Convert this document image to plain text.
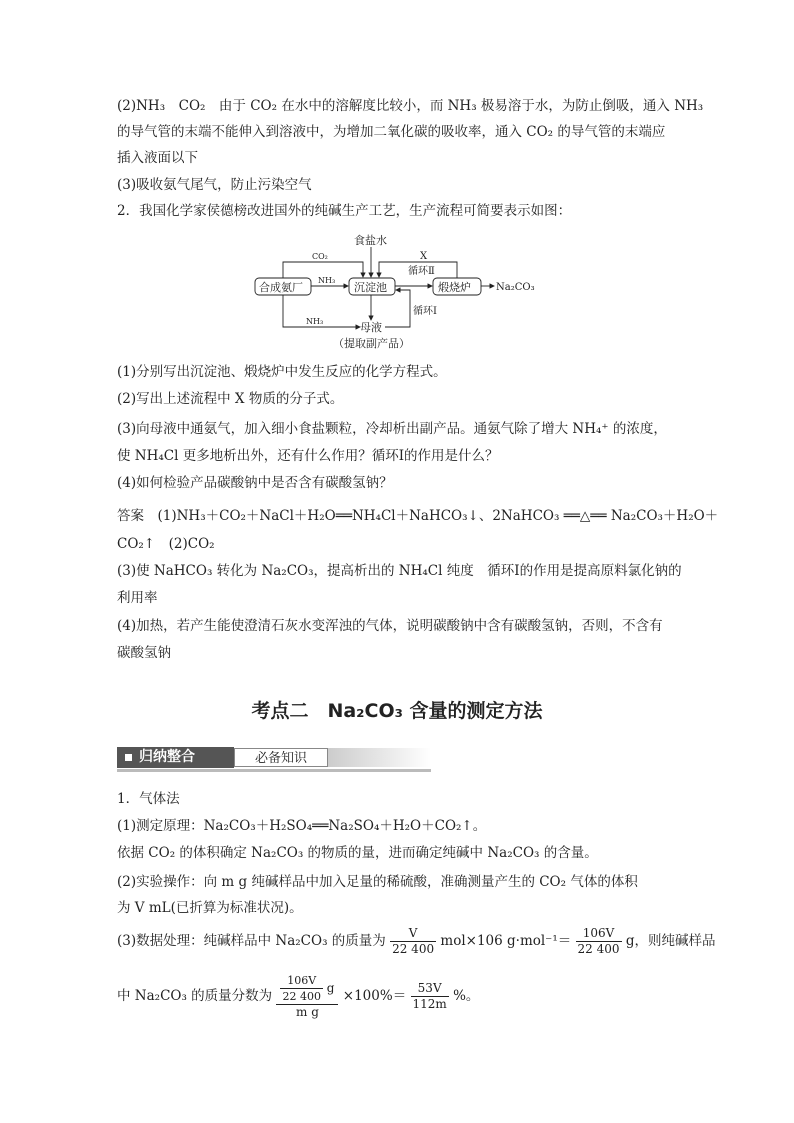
(2)NH₃　CO₂　由于 CO₂ 在水中的溶解度比较小，而 NH₃ 极易溶于水，为防止倒吸，通入 NH₃
的导气管的末端不能伸入到溶液中，为增加二氧化碳的吸收率，通入 CO₂ 的导气管的末端应
插入液面以下
(3)吸收氨气尾气，防止污染空气
2．我国化学家侯德榜改进国外的纯碱生产工艺，生产流程可简要表示如图：
食盐水
CO₂
NH₃
X
循环Ⅱ
合成氨厂	沉淀池	煅烧炉	Na₂CO₃
循环Ⅰ
NH₃	母液
（提取副产品）
(1)分别写出沉淀池、煅烧炉中发生反应的化学方程式。
(2)写出上述流程中 X 物质的分子式。
(3)向母液中通氨气，加入细小食盐颗粒，冷却析出副产品。通氨气除了增大 NH₄⁺ 的浓度，
使 NH₄Cl 更多地析出外，还有什么作用？循环Ⅰ的作用是什么？
(4)如何检验产品碳酸钠中是否含有碳酸氢钠？
答案　(1)NH₃＋CO₂＋NaCl＋H₂O══NH₄Cl＋NaHCO₃↓、2NaHCO₃ ══△══ Na₂CO₃＋H₂O＋
CO₂↑　(2)CO₂
(3)使 NaHCO₃ 转化为 Na₂CO₃，提高析出的 NH₄Cl 纯度　循环Ⅰ的作用是提高原料氯化钠的
利用率
(4)加热，若产生能使澄清石灰水变浑浊的气体，说明碳酸钠中含有碳酸氢钠，否则，不含有
碳酸氢钠
考点二　Na₂CO₃ 含量的测定方法
归纳整合	必备知识
1．气体法
(1)测定原理：Na₂CO₃＋H₂SO₄══Na₂SO₄＋H₂O＋CO₂↑。
依据 CO₂ 的体积确定 Na₂CO₃ 的物质的量，进而确定纯碱中 Na₂CO₃ 的含量。
(2)实验操作：向 m g 纯碱样品中加入足量的稀硫酸，准确测量产生的 CO₂ 气体的体积
为 V mL(已折算为标准状况)。
(3)数据处理：纯碱样品中 Na₂CO₃ 的质量为 $\frac{V}{22 400} mol\times 106$ $g\cdot mol^{-1}= \frac{106V}{22 400}$ g，则纯碱样品
中 Na₂CO₃ 的质量分数为 $\frac{\frac{106V}{22 400} g}{\text{m g}} \times 100\%= \frac{53V}{112m}$ %。
